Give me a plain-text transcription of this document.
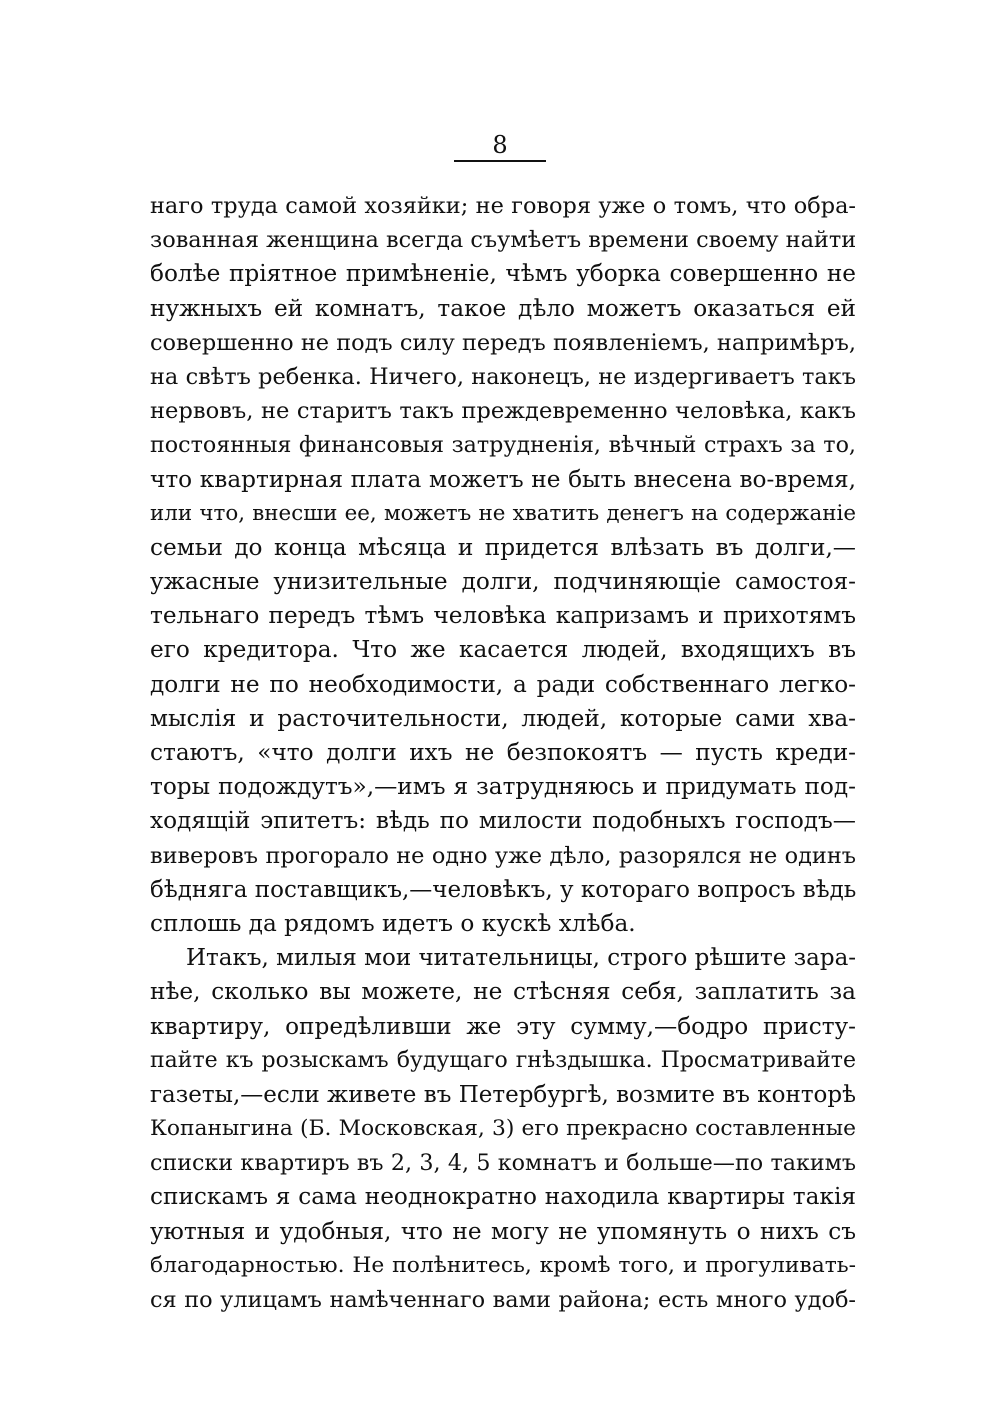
8
наго труда самой хозяйки; не говоря уже о томъ, что обра-
зованная женщина всегда съумѣетъ времени своему найти
болѣе пріятное примѣненіе, чѣмъ уборка совершенно не
нужныхъ ей комнатъ, такое дѣло можетъ оказаться ей
совершенно не подъ силу передъ появленіемъ, напримѣръ,
на свѣтъ ребенка. Ничего, наконецъ, не издергиваетъ такъ
нервовъ, не старитъ такъ преждевременно человѣка, какъ
постоянныя финансовыя затрудненія, вѣчный страхъ за то,
что квартирная плата можетъ не быть внесена во-время,
или что, внесши ее, можетъ не хватить денегъ на содержаніе
семьи до конца мѣсяца и придется влѣзать въ долги,—
ужасные унизительные долги, подчиняющіе самостоя-
тельнаго передъ тѣмъ человѣка капризамъ и прихотямъ
его кредитора. Что же касается людей, входящихъ въ
долги не по необходимости, а ради собственнаго легко-
мыслія и расточительности, людей, которые сами хва-
стаютъ, «что долги ихъ не безпокоятъ — пусть креди-
торы подождутъ»,—имъ я затрудняюсь и придумать под-
ходящій эпитетъ: вѣдь по милости подобныхъ господъ—
виверовъ прогорало не одно уже дѣло, разорялся не одинъ
бѣдняга поставщикъ,—человѣкъ, у котораго вопросъ вѣдь
сплошь да рядомъ идетъ о кускѣ хлѣба.
Итакъ, милыя мои читательницы, строго рѣшите зара-
нѣе, сколько вы можете, не стѣсняя себя, заплатить за
квартиру, опредѣливши же эту сумму,—бодро присту-
пайте къ розыскамъ будущаго гнѣздышка. Просматривайте
газеты,—если живете въ Петербургѣ, возмите въ конторѣ
Копаныгина (Б. Московская, 3) его прекрасно составленные
списки квартиръ въ 2, 3, 4, 5 комнатъ и больше—по такимъ
спискамъ я сама неоднократно находила квартиры такія
уютныя и удобныя, что не могу не упомянуть о нихъ съ
благодарностью. Не полѣнитесь, кромѣ того, и прогуливать-
ся по улицамъ намѣченнаго вами района; есть много удоб-
